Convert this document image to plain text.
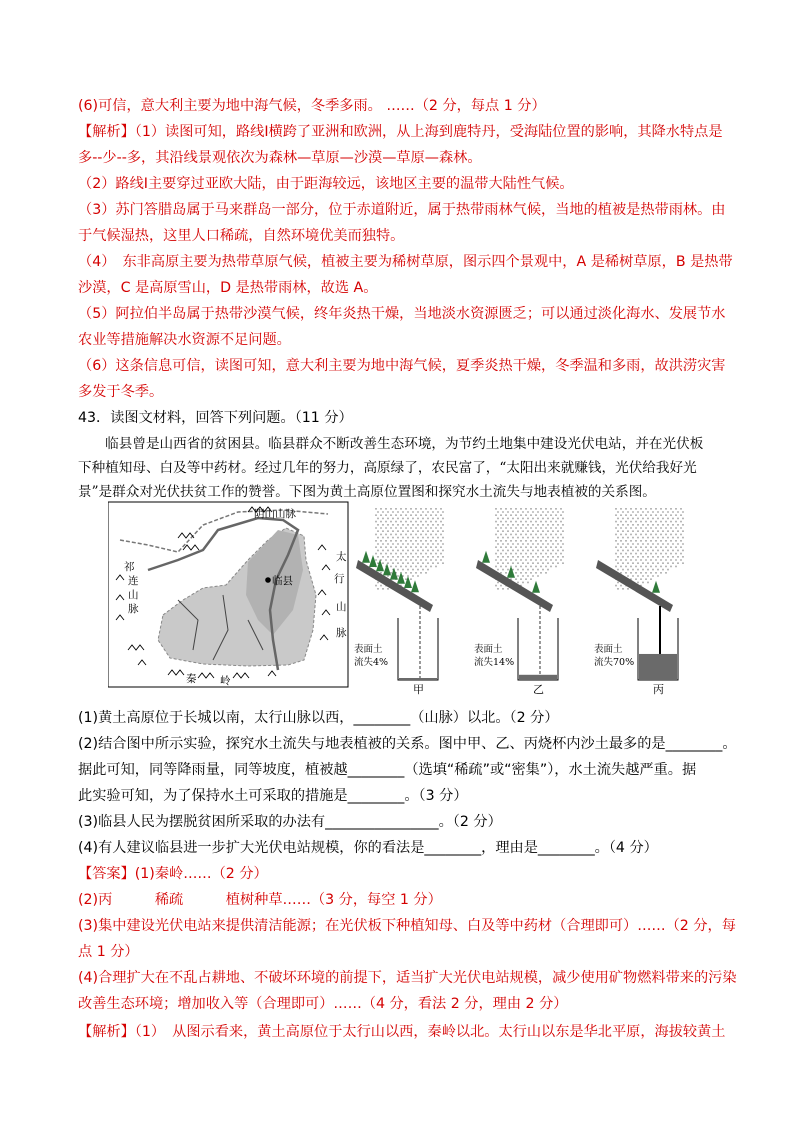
(6)可信，意大利主要为地中海气候，冬季多雨。 ……（2 分，每点 1 分）
【解析】（1）读图可知，路线Ⅰ横跨了亚洲和欧洲，从上海到鹿特丹，受海陆位置的影响，其降水特点是
多--少--多，其沿线景观依次为森林—草原—沙漠—草原—森林。
（2）路线Ⅰ主要穿过亚欧大陆，由于距海较远，该地区主要的温带大陆性气候。
（3）苏门答腊岛属于马来群岛一部分，位于赤道附近，属于热带雨林气候，当地的植被是热带雨林。由
于气候湿热，这里人口稀疏，自然环境优美而独特。
（4）　东非高原主要为热带草原气候，植被主要为稀树草原，图示四个景观中，A 是稀树草原，B 是热带
沙漠，C 是高原雪山，D 是热带雨林，故选 A。
（5）阿拉伯半岛属于热带沙漠气候，终年炎热干燥，当地淡水资源匮乏；可以通过淡化海水、发展节水
农业等措施解决水资源不足问题。
（6）这条信息可信，读图可知，意大利主要为地中海气候，夏季炎热干燥，冬季温和多雨，故洪涝灾害
多发于冬季。
43．读图文材料，回答下列问题。（11 分）
　　临县曾是山西省的贫困县。临县群众不断改善生态环境，为节约土地集中建设光伏电站，并在光伏板
下种植知母、白及等中药材。经过几年的努力，高原绿了，农民富了，“太阳出来就赚钱，光伏给我好光
景”是群众对光伏扶贫工作的赞誉。下图为黄土高原位置图和探究水土流失与地表植被的关系图。
(1)黄土高原位于长城以南，太行山脉以西，________（山脉）以北。（2 分）
(2)结合图中所示实验，探究水土流失与地表植被的关系。图中甲、乙、丙烧杯内沙土最多的是________。
据此可知，同等降雨量，同等坡度，植被越________（选填“稀疏”或“密集”），水土流失越严重。据
此实验可知，为了保持水土可采取的措施是________。（3 分）
(3)临县人民为摆脱贫困所采取的办法有________________。（2 分）
(4)有人建议临县进一步扩大光伏电站规模，你的看法是________，理由是________。（4 分）
【答案】(1)秦岭……（2 分）
(2)丙　　　稀疏　　　植树种草……（3 分，每空 1 分）
(3)集中建设光伏电站来提供清洁能源；在光伏板下种植知母、白及等中药材（合理即可）……（2 分，每
点 1 分）
(4)合理扩大在不乱占耕地、不破坏环境的前提下，适当扩大光伏电站规模，减少使用矿物燃料带来的污染
改善生态环境；增加收入等（合理即可）……（4 分，看法 2 分，理由 2 分）
【解析】（1）　从图示看来，黄土高原位于太行山以西，秦岭以北。太行山以东是华北平原，海拔较黄土
阴山山脉
临县
祁
连
山
脉
太
行
山
脉
秦 岭
表面土
流失4%
甲
表面土
流失14%
乙
表面土
流失70%
丙
